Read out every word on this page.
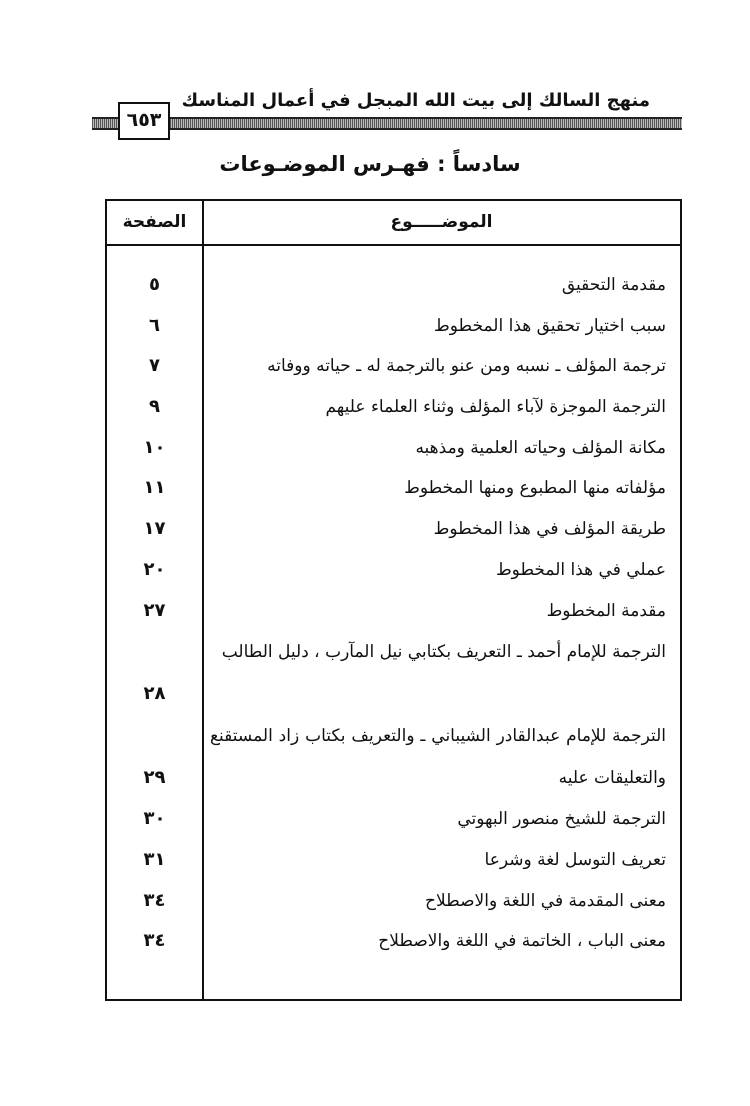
منهج السالك إلى بيت الله المبجل في أعمال المناسك
٦٥٣
سادساً : فهـرس الموضـوعات
الموضـــــوع
الصفحة
مقدمة التحقيق
٥
سبب اختيار تحقيق هذا المخطوط
٦
ترجمة المؤلف ـ نسبه ومن عنو بالترجمة له ـ حياته ووفاته
٧
الترجمة الموجزة لآباء المؤلف وثناء العلماء عليهم
٩
مكانة المؤلف وحياته العلمية ومذهبه
١٠
مؤلفاته منها المطبوع ومنها المخطوط
١١
طريقة المؤلف في هذا المخطوط
١٧
عملي في هذا المخطوط
٢٠
مقدمة المخطوط
٢٧
الترجمة للإمام أحمد ـ التعريف بكتابي نيل المآرب ، دليل الطالب
٢٨
الترجمة للإمام عبدالقادر الشيباني ـ والتعريف بكتاب زاد المستقنع والتعليقات عليه
٢٩
الترجمة للشيخ منصور البهوتي
٣٠
تعريف التوسل لغة وشرعا
٣١
معنى المقدمة في اللغة والاصطلاح
٣٤
معنى الباب ، الخاتمة في اللغة والاصطلاح
٣٤
